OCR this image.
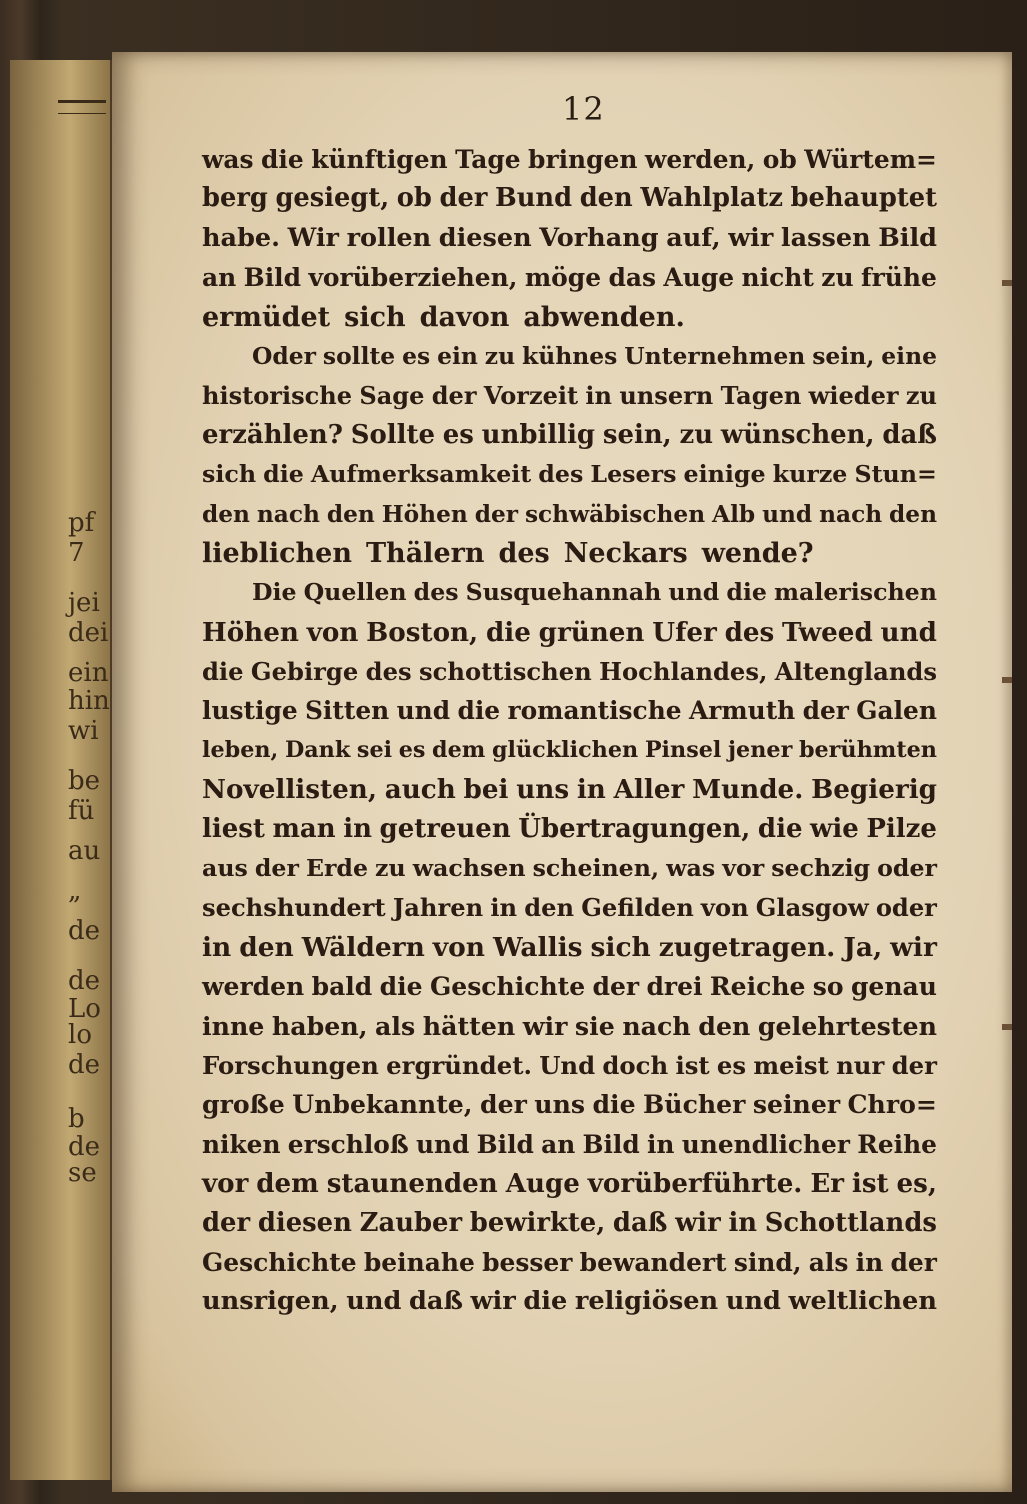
pf
7
jei
dei
ein
hin
wi
be
fü
au
„
de
de
Lo
lo
de
b
de
se
12
was die künftigen Tage bringen werden, ob Würtem=
berg gesiegt, ob der Bund den Wahlplatz behauptet
habe. Wir rollen diesen Vorhang auf, wir lassen Bild
an Bild vorüberziehen, möge das Auge nicht zu frühe
ermüdet sich davon abwenden.
Oder sollte es ein zu kühnes Unternehmen sein, eine
historische Sage der Vorzeit in unsern Tagen wieder zu
erzählen? Sollte es unbillig sein, zu wünschen, daß
sich die Aufmerksamkeit des Lesers einige kurze Stun=
den nach den Höhen der schwäbischen Alb und nach den
lieblichen Thälern des Neckars wende?
Die Quellen des Susquehannah und die malerischen
Höhen von Boston, die grünen Ufer des Tweed und
die Gebirge des schottischen Hochlandes, Altenglands
lustige Sitten und die romantische Armuth der Galen
leben, Dank sei es dem glücklichen Pinsel jener berühmten
Novellisten, auch bei uns in Aller Munde. Begierig
liest man in getreuen Übertragungen, die wie Pilze
aus der Erde zu wachsen scheinen, was vor sechzig oder
sechshundert Jahren in den Gefilden von Glasgow oder
in den Wäldern von Wallis sich zugetragen. Ja, wir
werden bald die Geschichte der drei Reiche so genau
inne haben, als hätten wir sie nach den gelehrtesten
Forschungen ergründet. Und doch ist es meist nur der
große Unbekannte, der uns die Bücher seiner Chro=
niken erschloß und Bild an Bild in unendlicher Reihe
vor dem staunenden Auge vorüberführte. Er ist es,
der diesen Zauber bewirkte, daß wir in Schottlands
Geschichte beinahe besser bewandert sind, als in der
unsrigen, und daß wir die religiösen und weltlichen
